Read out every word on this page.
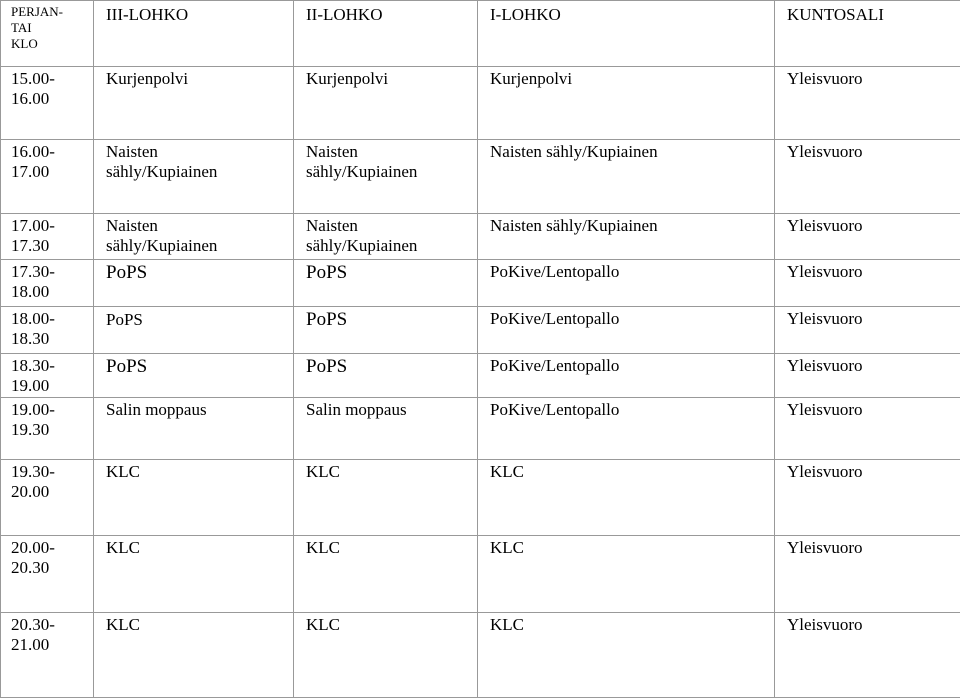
PERJAN-
TAI
KLO	III-LOHKO	II-LOHKO	I-LOHKO	KUNTOSALI
15.00-
16.00	Kurjenpolvi	Kurjenpolvi	Kurjenpolvi	Yleisvuoro
16.00-
17.00	Naisten
sähly/Kupiainen	Naisten
sähly/Kupiainen	Naisten sähly/Kupiainen	Yleisvuoro
17.00-
17.30	Naisten
sähly/Kupiainen	Naisten
sähly/Kupiainen	Naisten sähly/Kupiainen	Yleisvuoro
17.30-
18.00	PoPS	PoPS	PoKive/Lentopallo	Yleisvuoro
18.00-
18.30	PoPS	PoPS	PoKive/Lentopallo	Yleisvuoro
18.30-
19.00	PoPS	PoPS	PoKive/Lentopallo	Yleisvuoro
19.00-
19.30	Salin moppaus	Salin moppaus	PoKive/Lentopallo	Yleisvuoro
19.30-
20.00	KLC	KLC	KLC	Yleisvuoro
20.00-
20.30	KLC	KLC	KLC	Yleisvuoro
20.30-
21.00	KLC	KLC	KLC	Yleisvuoro
